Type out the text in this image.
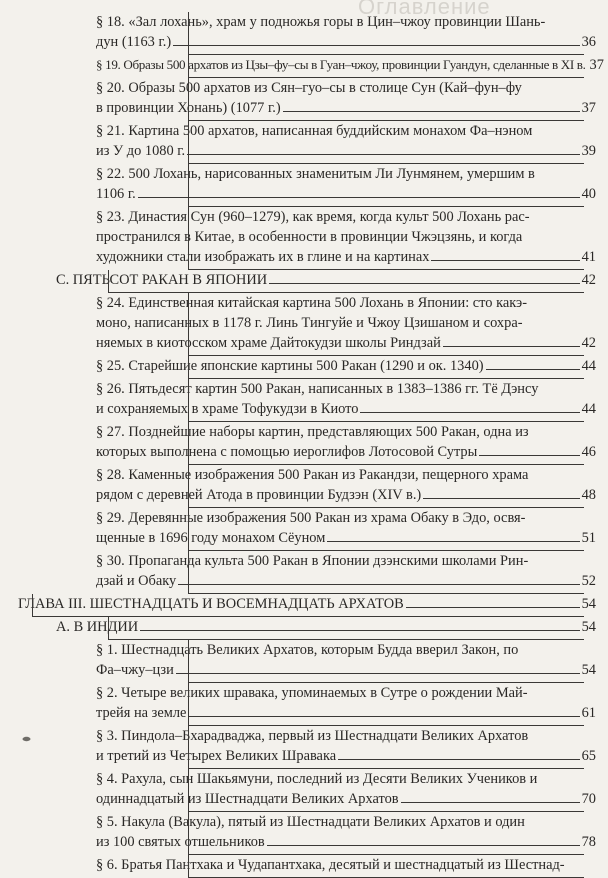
Оглавление
§ 18. «Зал лохань», храм у подножья горы в Цин–чжоу провинции Шань-
дун (1163 г.)	36
§ 19. Образы 500 архатов из Цзы–фу–сы в Гуан–чжоу, провинции Гуандун, сделанные в XI в. 37
§ 20. Образы 500 архатов из Сян–гуо–сы в столице Сун (Кай–фун–фу
в провинции Хонань) (1077 г.)	37
§ 21. Картина 500 архатов, написанная буддийским монахом Фа–нэном
из У до 1080 г.	39
§ 22. 500 Лохань, нарисованных знаменитым Ли Лунмянем, умершим в
1106 г.	40
§ 23. Династия Сун (960–1279), как время, когда культ 500 Лохань рас-
пространился в Китае, в особенности в провинции Чжэцзянь, и когда
художники стали изображать их в глине и на картинах	41
С. ПЯТЬСОТ РАКАН В ЯПОНИИ	42
§ 24. Единственная китайская картина 500 Лохань в Японии: сто какэ-
моно, написанных в 1178 г. Линь Тингуйе и Чжоу Цзишаном и сохра-
няемых в киотосском храме Дайтокудзи школы Риндзай	42
§ 25. Старейшие японские картины 500 Ракан (1290 и ок. 1340)	44
§ 26. Пятьдесят картин 500 Ракан, написанных в 1383–1386 гг. Тё Дэнсу
и сохраняемых в храме Тофукудзи в Киото	44
§ 27. Позднейшие наборы картин, представляющих 500 Ракан, одна из
которых выполнена с помощью иероглифов Лотосовой Сутры	46
§ 28. Каменные изображения 500 Ракан из Ракандзи, пещерного храма
рядом с деревней Атода в провинции Будзэн (XIV в.)	48
§ 29. Деревянные изображения 500 Ракан из храма Обаку в Эдо, освя-
щенные в 1696 году монахом Сёуном	51
§ 30. Пропаганда культа 500 Ракан в Японии дзэнскими школами Рин-
дзай и Обаку	52
ГЛАВА III. ШЕСТНАДЦАТЬ И ВОСЕМНАДЦАТЬ АРХАТОВ	54
A. В ИНДИИ	54
§ 1. Шестнадцать Великих Архатов, которым Будда вверил Закон, по
Фа–чжу–цзи	54
§ 2. Четыре великих шравака, упоминаемых в Сутре о рождении Май-
трейя на земле	61
§ 3. Пиндола–Бхарадваджа, первый из Шестнадцати Великих Архатов
и третий из Четырех Великих Шравака	65
§ 4. Рахула, сын Шакьямуни, последний из Десяти Великих Учеников и
одиннадцатый из Шестнадцати Великих Архатов	70
§ 5. Накула (Вакула), пятый из Шестнадцати Великих Архатов и один
из 100 святых отшельников	78
§ 6. Братья Пантхака и Чудапантхака, десятый и шестнадцатый из Шестнад-
